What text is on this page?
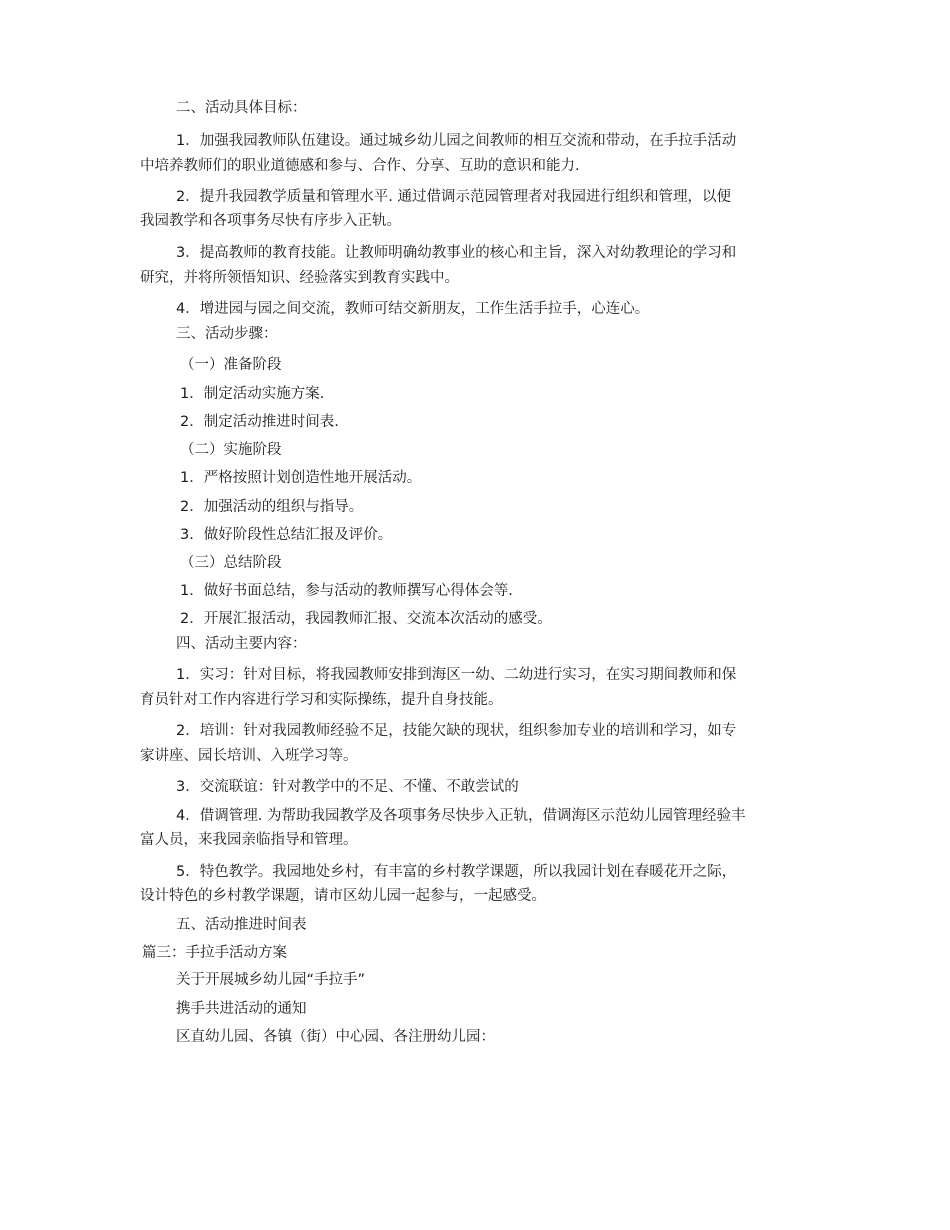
二、活动具体目标：
1．加强我园教师队伍建设。通过城乡幼儿园之间教师的相互交流和带动，在手拉手活动
中培养教师们的职业道德感和参与、合作、分享、互助的意识和能力.
2．提升我园教学质量和管理水平. 通过借调示范园管理者对我园进行组织和管理，以便
我园教学和各项事务尽快有序步入正轨。
3．提高教师的教育技能。让教师明确幼教事业的核心和主旨，深入对幼教理论的学习和
研究，并将所领悟知识、经验落实到教育实践中。
4．增进园与园之间交流，教师可结交新朋友，工作生活手拉手，心连心。
三、活动步骤：
（一）准备阶段
1．制定活动实施方案.
2．制定活动推进时间表.
（二）实施阶段
1．严格按照计划创造性地开展活动。
2．加强活动的组织与指导。
3．做好阶段性总结汇报及评价。
（三）总结阶段
1．做好书面总结，参与活动的教师撰写心得体会等.
2．开展汇报活动，我园教师汇报、交流本次活动的感受。
四、活动主要内容：
1．实习：针对目标，将我园教师安排到海区一幼、二幼进行实习，在实习期间教师和保
育员针对工作内容进行学习和实际操练，提升自身技能。
2．培训：针对我园教师经验不足，技能欠缺的现状，组织参加专业的培训和学习，如专
家讲座、园长培训、入班学习等。
3．交流联谊：针对教学中的不足、不懂、不敢尝试的
4．借调管理. 为帮助我园教学及各项事务尽快步入正轨，借调海区示范幼儿园管理经验丰
富人员，来我园亲临指导和管理。
5．特色教学。我园地处乡村，有丰富的乡村教学课题，所以我园计划在春暖花开之际，
设计特色的乡村教学课题，请市区幼儿园一起参与，一起感受。
五、活动推进时间表
篇三：手拉手活动方案
关于开展城乡幼儿园“手拉手”
携手共进活动的通知
区直幼儿园、各镇（街）中心园、各注册幼儿园：
